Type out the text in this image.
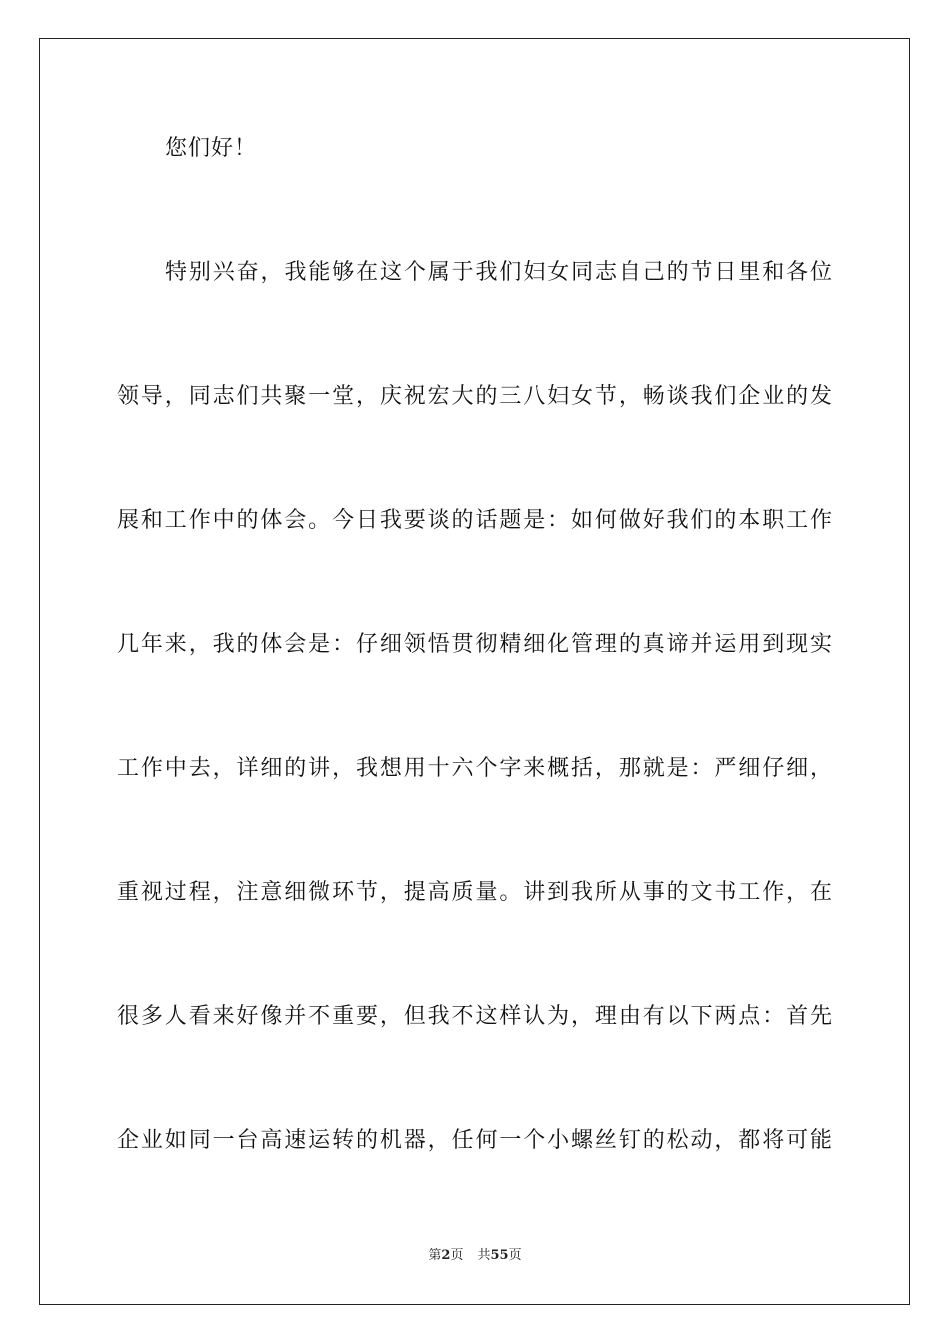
您们好！
特别兴奋，我能够在这个属于我们妇女同志自己的节日里和各位
领导，同志们共聚一堂，庆祝宏大的三八妇女节，畅谈我们企业的发
展和工作中的体会。今日我要谈的话题是：如何做好我们的本职工作
几年来，我的体会是：仔细领悟贯彻精细化管理的真谛并运用到现实
工作中去，详细的讲，我想用十六个字来概括，那就是：严细仔细，
重视过程，注意细微环节，提高质量。讲到我所从事的文书工作，在
很多人看来好像并不重要，但我不这样认为，理由有以下两点：首先
企业如同一台高速运转的机器，任何一个小螺丝钉的松动，都将可能
第2页 共55页
